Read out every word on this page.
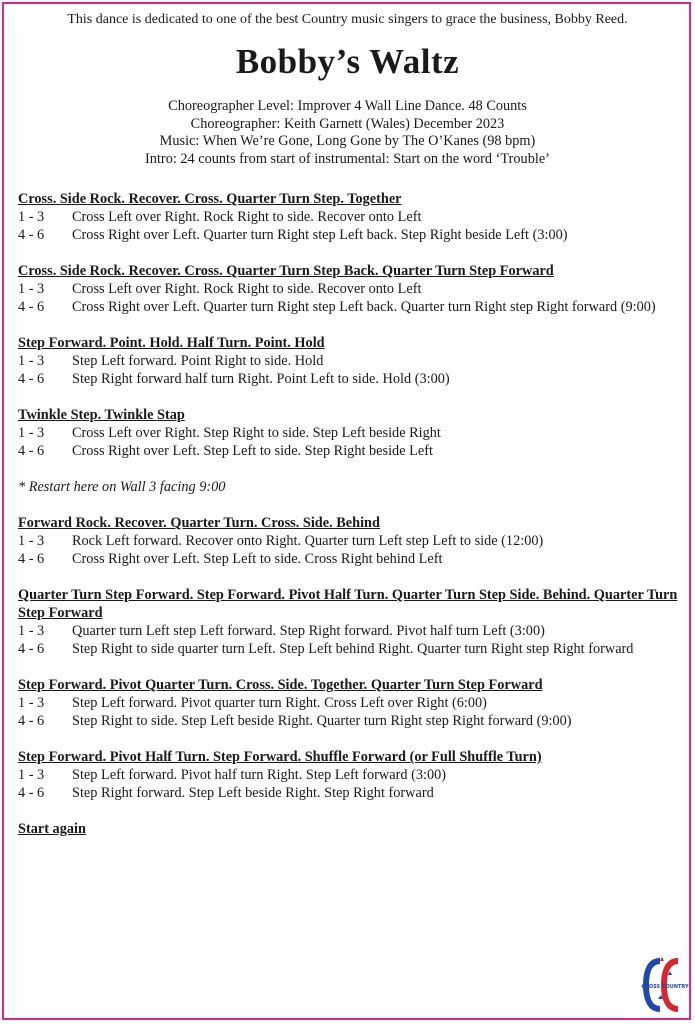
This dance is dedicated to one of the best Country music singers to grace the business, Bobby Reed.
Bobby’s Waltz
Choreographer Level: Improver 4 Wall Line Dance. 48 Counts
Choreographer: Keith Garnett (Wales) December 2023
Music: When We’re Gone, Long Gone by The O’Kanes (98 bpm)
Intro: 24 counts from start of instrumental: Start on the word ‘Trouble’
Cross. Side Rock. Recover. Cross. Quarter Turn Step. Together
1 - 3	Cross Left over Right. Rock Right to side. Recover onto Left
4 - 6	Cross Right over Left. Quarter turn Right step Left back. Step Right beside Left (3:00)
Cross. Side Rock. Recover. Cross. Quarter Turn Step Back. Quarter Turn Step Forward
1 - 3	Cross Left over Right. Rock Right to side. Recover onto Left
4 - 6	Cross Right over Left. Quarter turn Right step Left back. Quarter turn Right step Right forward (9:00)
Step Forward. Point. Hold. Half Turn. Point. Hold
1 - 3	Step Left forward. Point Right to side. Hold
4 - 6	Step Right forward half turn Right. Point Left to side. Hold (3:00)
Twinkle Step. Twinkle Stap
1 - 3	Cross Left over Right. Step Right to side. Step Left beside Right
4 - 6	Cross Right over Left. Step Left to side. Step Right beside Left
* Restart here on Wall 3 facing 9:00
Forward Rock. Recover. Quarter Turn. Cross. Side. Behind
1 - 3	Rock Left forward. Recover onto Right. Quarter turn Left step Left to side (12:00)
4 - 6	Cross Right over Left. Step Left to side. Cross Right behind Left
Quarter Turn Step Forward. Step Forward. Pivot Half Turn. Quarter Turn Step Side. Behind. Quarter Turn Step Forward
1 - 3	Quarter turn Left step Left forward. Step Right forward. Pivot half turn Left (3:00)
4 - 6	Step Right to side quarter turn Left. Step Left behind Right. Quarter turn Right step Right forward
Step Forward. Pivot Quarter Turn. Cross. Side. Together. Quarter Turn Step Forward
1 - 3	Step Left forward. Pivot quarter turn Right. Cross Left over Right (6:00)
4 - 6	Step Right to side. Step Left beside Right. Quarter turn Right step Right forward (9:00)
Step Forward. Pivot Half Turn. Step Forward. Shuffle Forward (or Full Shuffle Turn)
1 - 3	Step Left forward. Pivot half turn Right. Step Left forward (3:00)
4 - 6	Step Right forward. Step Left beside Right. Step Right forward
Start again
CROSS COUNTRY
